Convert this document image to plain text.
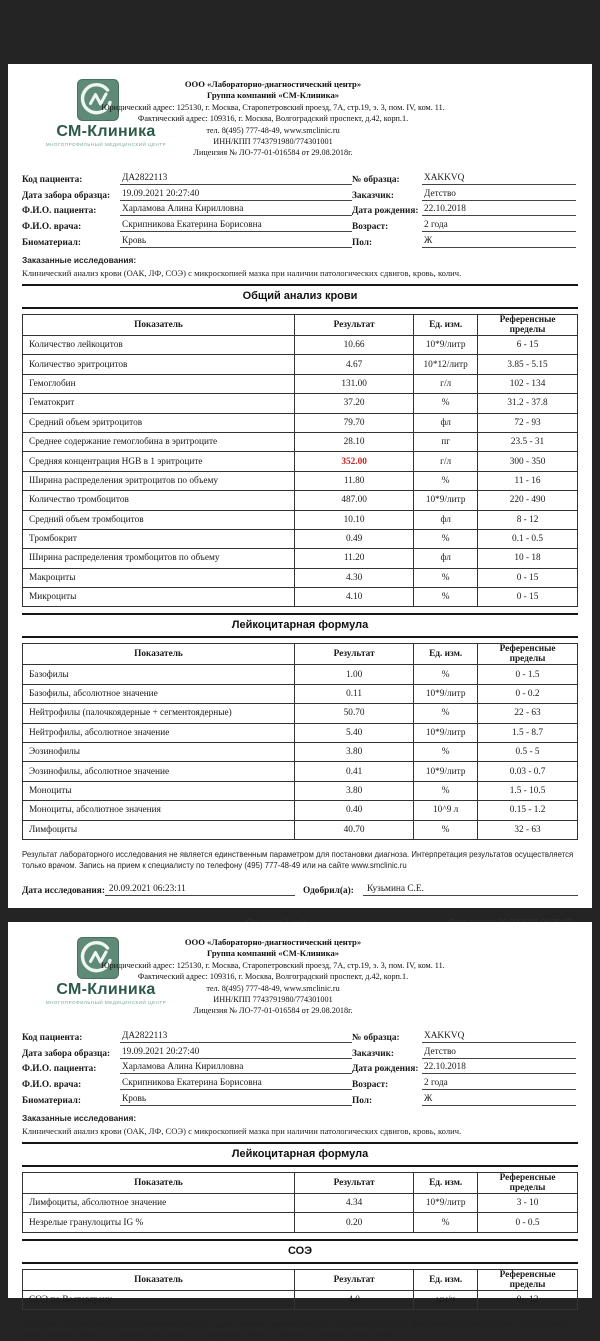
СМ-Клиника
МНОГОПРОФИЛЬНЫЙ МЕДИЦИНСКИЙ ЦЕНТР
ООО «Лабораторно-диагностический центр»
Группа компаний «СМ-Клиника»
Юридический адрес: 125130, г. Москва, Старопетровский проезд, 7А, стр.19, э. 3, пом. IV, ком. 11.
Фактический адрес: 109316, г. Москва, Волгоградский проспект, д.42, корп.1.
тел. 8(495) 777-48-49, www.smclinic.ru
ИНН/КПП 7743791980/774301001
Лицензия № ЛО-77-01-016584 от 29.08.2018г.
Код пациента:	ДА2822113
Дата забора образца:	19.09.2021 20:27:40
Ф.И.О. пациента:	Харламова Алина Кирилловна
Ф.И.О. врача:	Скрипникова Екатерина Борисовна
Биоматериал:	Кровь
№ образца:	XAKKVQ
Заказчик:	Детство
Дата рождения: 22.10.2018
Возраст:	2 года
Пол:	Ж
Заказанные исследования:
Клинический анализ крови (ОАК, ЛФ, СОЭ) с микроскопией мазка при наличии патологических сдвигов, кровь, колич.
Общий анализ крови
Показатель	Результат	Ед. изм.	Референсные пределы
Количество лейкоцитов	10.66	10*9/литр	6 - 15
Количество эритроцитов	4.67	10*12/литр	3.85 - 5.15
Гемоглобин	131.00	г/л	102 - 134
Гематокрит	37.20	%	31.2 - 37.8
Средний объем эритроцитов	79.70	фл	72 - 93
Среднее содержание гемоглобина в эритроците	28.10	пг	23.5 - 31
Средняя концентрация HGB в 1 эритроците	352.00	г/л	300 - 350
Ширина распределения эритроцитов по объему	11.80	%	11 - 16
Количество тромбоцитов	487.00	10*9/литр	220 - 490
Средний объем тромбоцитов	10.10	фл	8 - 12
Тромбокрит	0.49	%	0.1 - 0.5
Ширина распределения тромбоцитов по объему	11.20	фл	10 - 18
Макроциты	4.30	%	0 - 15
Микроциты	4.10	%	0 - 15
Лейкоцитарная формула
Показатель	Результат	Ед. изм.	Референсные пределы
Базофилы	1.00	%	0 - 1.5
Базофилы, абсолютное значение	0.11	10*9/литр	0 - 0.2
Нейтрофилы (палочкоядерные + сегментоядерные)	50.70	%	22 - 63
Нейтрофилы, абсолютное значение	5.40	10*9/литр	1.5 - 8.7
Эозинофилы	3.80	%	0.5 - 5
Эозинофилы, абсолютное значение	0.41	10*9/литр	0.03 - 0.7
Моноциты	3.80	%	1.5 - 10.5
Моноциты, абсолютное значения	0.40	10^9 л	0.15 - 1.2
Лимфоциты	40.70	%	32 - 63
Результат лабораторного исследования не является единственным параметром для постановки диагноза. Интерпретация результатов осуществляется только врачом. Запись на прием к специалисту по телефону (495) 777-48-49 или на сайте www.smclinic.ru
Дата исследования: 20.09.2021 06:23:11	Одобрил(а):	Кузьмина С.Е.
СМ-Клиника
МНОГОПРОФИЛЬНЫЙ МЕДИЦИНСКИЙ ЦЕНТР
ООО «Лабораторно-диагностический центр»
Группа компаний «СМ-Клиника»
Юридический адрес: 125130, г. Москва, Старопетровский проезд, 7А, стр.19, э. 3, пом. IV, ком. 11.
Фактический адрес: 109316, г. Москва, Волгоградский проспект, д.42, корп.1.
тел. 8(495) 777-48-49, www.smclinic.ru
ИНН/КПП 7743791980/774301001
Лицензия № ЛО-77-01-016584 от 29.08.2018г.
Код пациента:	ДА2822113
Дата забора образца:	19.09.2021 20:27:40
Ф.И.О. пациента:	Харламова Алина Кирилловна
Ф.И.О. врача:	Скрипникова Екатерина Борисовна
Биоматериал:	Кровь
№ образца:	XAKKVQ
Заказчик:	Детство
Дата рождения: 22.10.2018
Возраст:	2 года
Пол:	Ж
Заказанные исследования:
Клинический анализ крови (ОАК, ЛФ, СОЭ) с микроскопией мазка при наличии патологических сдвигов, кровь, колич.
Лейкоцитарная формула
Показатель	Результат	Ед. изм.	Референсные пределы
Лимфоциты, абсолютное значение	4.34	10*9/литр	3 - 10
Незрелые гранулоциты IG %	0.20	%	0 - 0.5
СОЭ
Показатель	Результат	Ед. изм.	Референсные пределы
СОЭ по Вестергрену	4.0	мм/ч	0 - 12
Результат лабораторного исследования не является единственным параметром для постановки диагноза. Интерпретация результатов осуществляется только врачом. Запись на прием к специалисту по телефону (495) 777-48-49 или на сайте www.smclinic.ru
